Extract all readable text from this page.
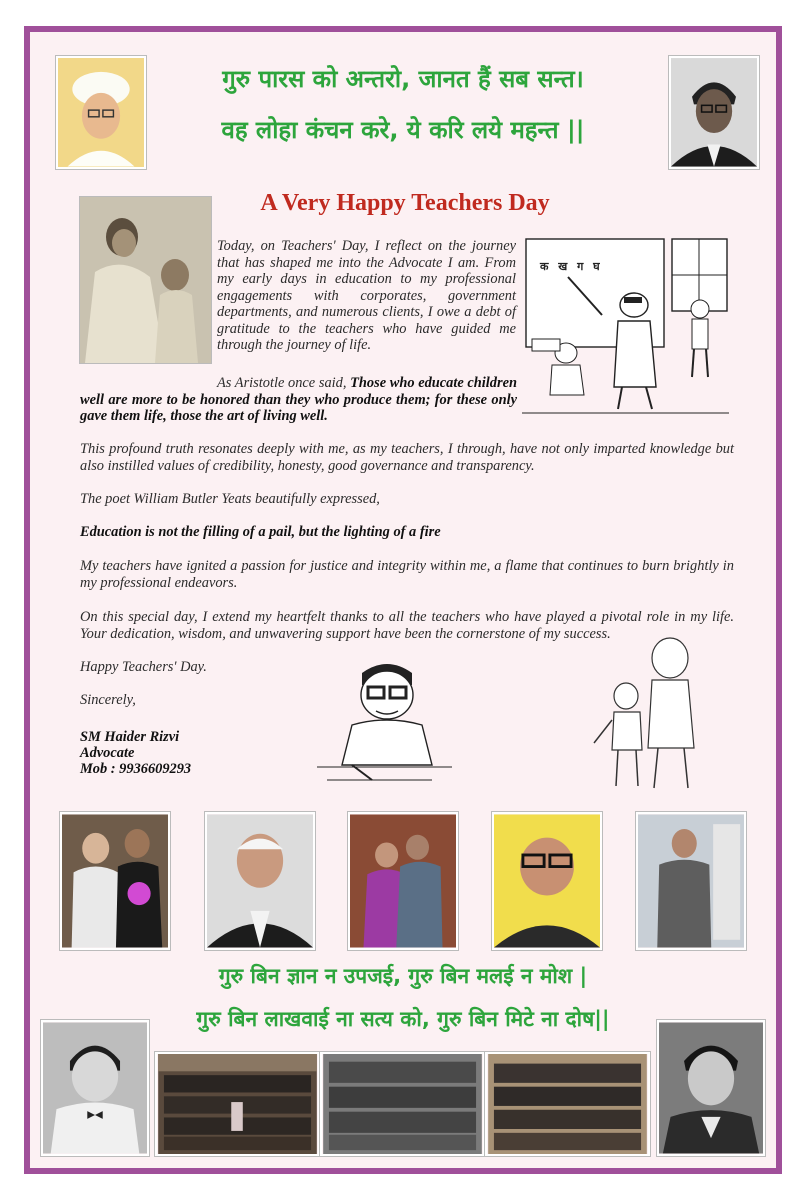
गुरु पारस को अन्तरो, जानत हैं सब सन्त।
वह लोहा कंचन करे, ये करि लये महन्त ||
A Very Happy Teachers Day
Today, on Teachers' Day, I reflect on the journey that has shaped me into the Advocate I am. From my early days in education to my professional engagements with corporates, government departments, and numerous clients, I owe a debt of gratitude to the teachers who have guided me through the journey of life.
क ख ग घ
As Aristotle once said, Those who educate children well are more to be honored than they who produce them; for these only gave them life, those the art of living well.
This profound truth resonates deeply with me, as my teachers, I through, have not only imparted knowledge but also instilled values of credibility, honesty, good governance and transparency.
The poet William Butler Yeats beautifully expressed,
Education is not the filling of a pail, but the lighting of a fire
My teachers have ignited a passion for justice and integrity within me, a flame that continues to burn brightly in my professional endeavors.
On this special day, I extend my heartfelt thanks to all the teachers who have played a pivotal role in my life. Your dedication, wisdom, and unwavering support have been the cornerstone of my success.
Happy Teachers' Day.
Sincerely,
SM Haider Rizvi
Advocate
Mob : 9936609293
गुरु बिन ज्ञान न उपजई, गुरु बिन मलई न मोश |
गुरु बिन लाखवाई ना सत्य को, गुरु बिन मिटे ना दोष||
